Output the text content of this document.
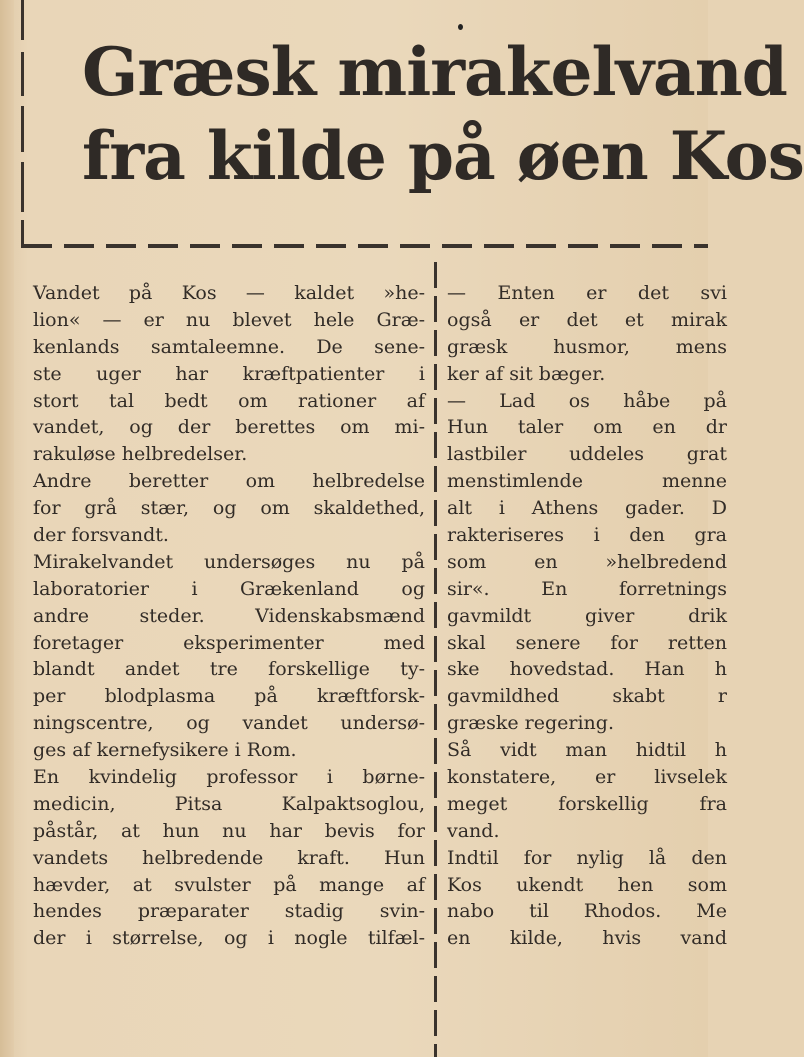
Græsk mirakelvand
fra kilde på øen Kos
Vandet på Kos — kaldet »he-
lion« — er nu blevet hele Græ-
kenlands samtaleemne. De sene-
ste uger har kræftpatienter i
stort tal bedt om rationer af
vandet, og der berettes om mi-
rakuløse helbredelser.
Andre beretter om helbredelse
for grå stær, og om skaldethed,
der forsvandt.
Mirakelvandet undersøges nu på
laboratorier i Grækenland og
andre steder. Videnskabsmænd
foretager eksperimenter med
blandt andet tre forskellige ty-
per blodplasma på kræftforsk-
ningscentre, og vandet undersø-
ges af kernefysikere i Rom.
En kvindelig professor i børne-
medicin, Pitsa Kalpaktsoglou,
påstår, at hun nu har bevis for
vandets helbredende kraft. Hun
hævder, at svulster på mange af
hendes præparater stadig svin-
der i størrelse, og i nogle tilfæl-
— Enten er det svi
også er det et mirak
græsk husmor, mens
ker af sit bæger.
— Lad os håbe på
Hun taler om en dr
lastbiler uddeles grat
menstimlende menne
alt i Athens gader. D
rakteriseres i den gra
som en »helbredend
sir«. En forretnings
gavmildt giver drik
skal senere for retten
ske hovedstad. Han h
gavmildhed skabt r
græske regering.
Så vidt man hidtil h
konstatere, er livselek
meget forskellig fra
vand.
Indtil for nylig lå den
Kos ukendt hen som
nabo til Rhodos. Me
en kilde, hvis vand
